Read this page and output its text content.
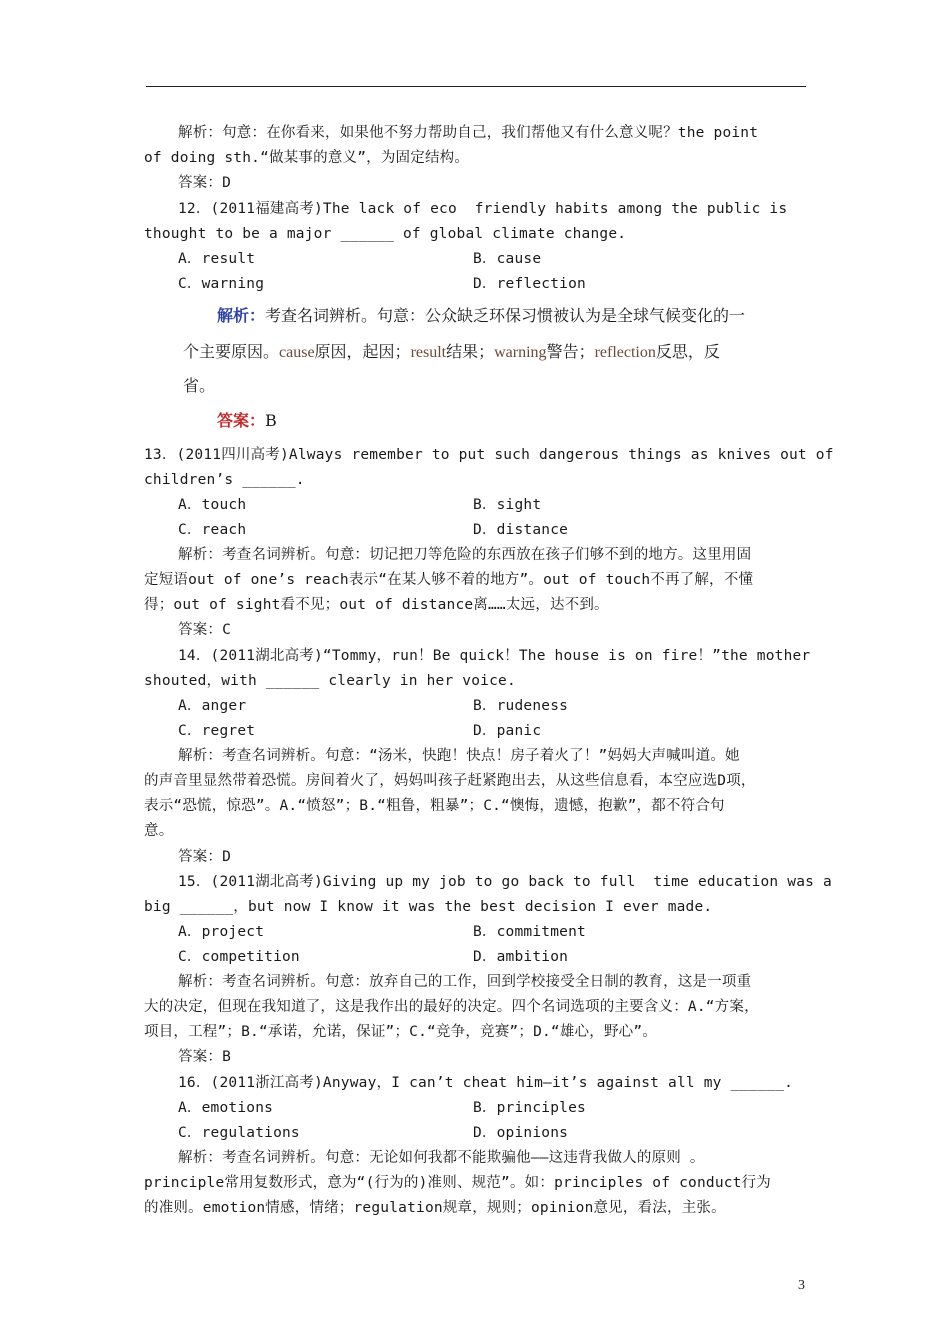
解析：句意：在你看来，如果他不努力帮助自己，我们帮他又有什么意义呢？the point
of doing sth.“做某事的意义”，为固定结构。
答案：D
12．(2011福建高考)The lack of eco  friendly habits among the public is
thought to be a major ______ of global climate change.
A．result	B．cause
C．warning	D．reflection
解析：考查名词辨析。句意：公众缺乏环保习惯被认为是全球气候变化的一
个主要原因。cause原因，起因；result结果；warning警告；reflection反思，反
省。
答案：B
13．(2011四川高考)Always remember to put such dangerous things as knives out of
children’s ______.
A．touch	B．sight
C．reach	D．distance
解析：考查名词辨析。句意：切记把刀等危险的东西放在孩子们够不到的地方。这里用固
定短语out of one’s reach表示“在某人够不着的地方”。out of touch不再了解，不懂
得；out of sight看不见；out of distance离……太远，达不到。
答案：C
14．(2011湖北高考)“Tommy，run！Be quick！The house is on fire！”the mother
shouted，with ______ clearly in her voice.
A．anger	B．rudeness
C．regret	D．panic
解析：考查名词辨析。句意：“汤米，快跑！快点！房子着火了！”妈妈大声喊叫道。她
的声音里显然带着恐慌。房间着火了，妈妈叫孩子赶紧跑出去，从这些信息看，本空应选D项，
表示“恐慌，惊恐”。A.“愤怒”；B.“粗鲁，粗暴”；C.“懊悔，遗憾，抱歉”，都不符合句
意。
答案：D
15．(2011湖北高考)Giving up my job to go back to full  time education was a
big ______，but now I know it was the best decision I ever made.
A．project	B．commitment
C．competition	D．ambition
解析：考查名词辨析。句意：放弃自己的工作，回到学校接受全日制的教育，这是一项重
大的决定，但现在我知道了，这是我作出的最好的决定。四个名词选项的主要含义：A.“方案，
项目，工程”；B.“承诺，允诺，保证”；C.“竞争，竞赛”；D.“雄心，野心”。
答案：B
16．(2011浙江高考)Anyway，I can’t cheat him—it’s against all my ______.
A．emotions	B．principles
C．regulations	D．opinions
解析：考查名词辨析。句意：无论如何我都不能欺骗他——这违背我做人的原则 。
principle常用复数形式，意为“(行为的)准则、规范”。如：principles of conduct行为
的准则。emotion情感，情绪；regulation规章，规则；opinion意见，看法，主张。
3
